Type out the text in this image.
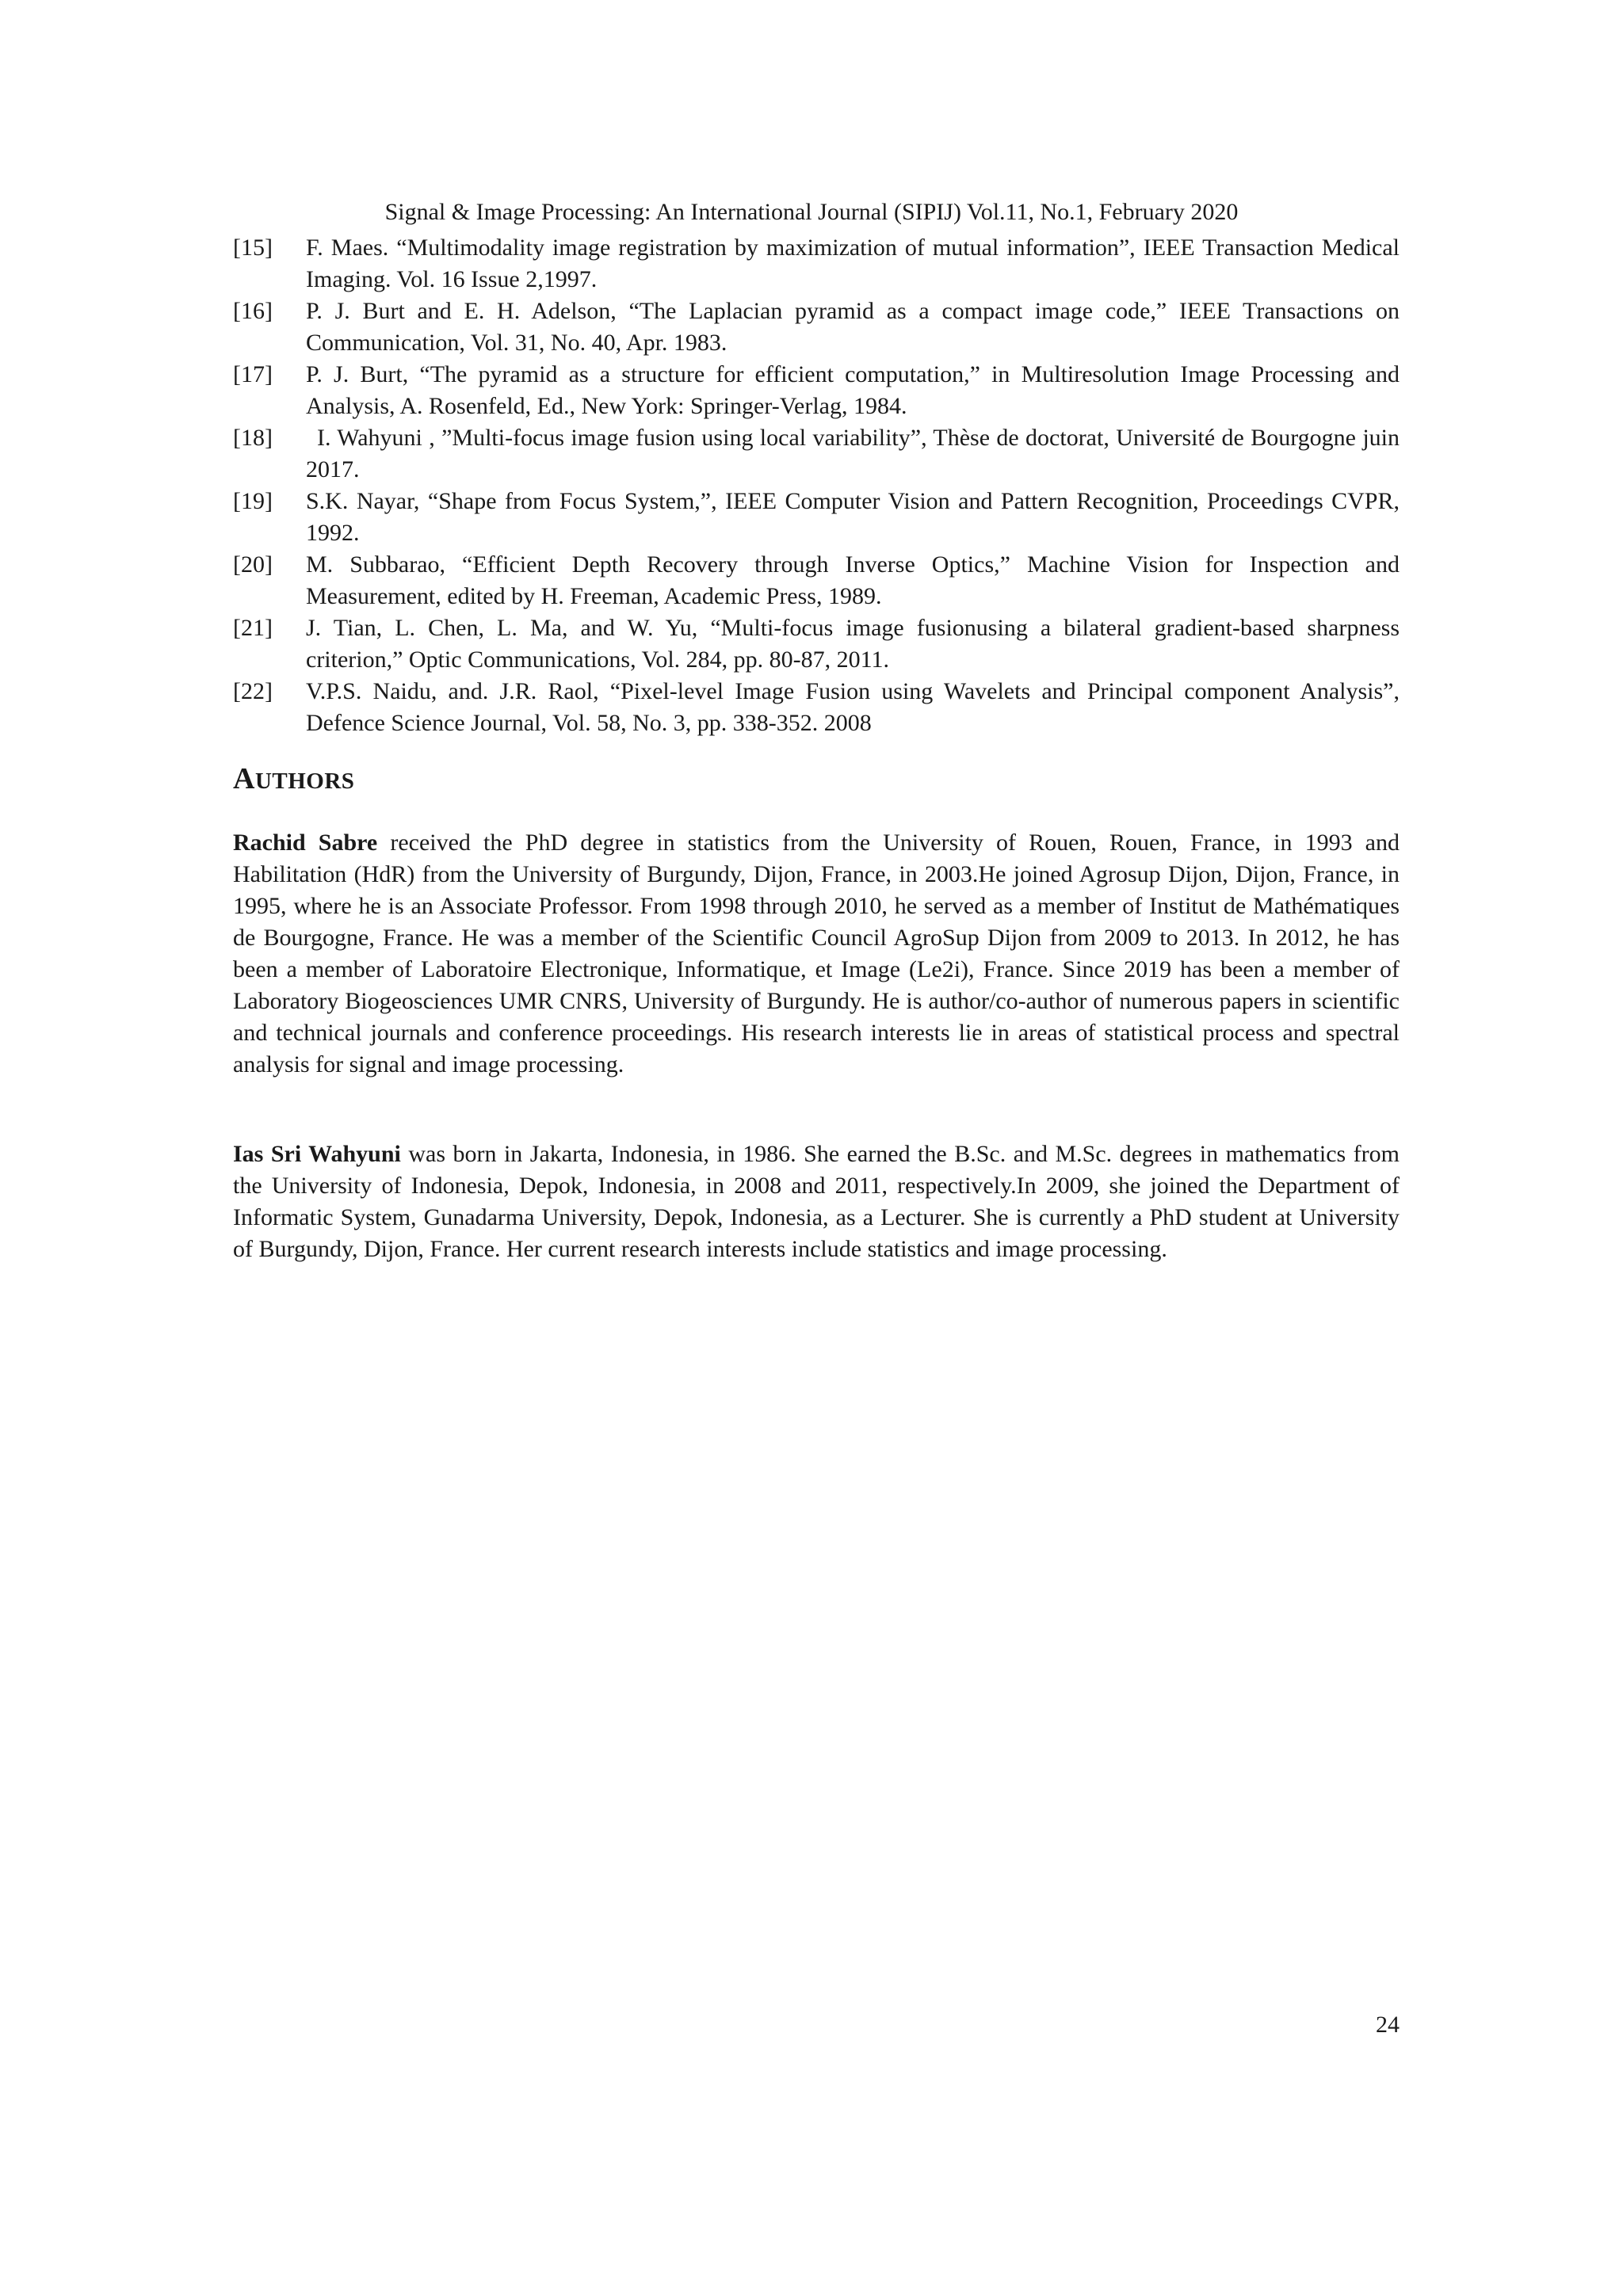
Signal & Image Processing: An International Journal (SIPIJ) Vol.11, No.1, February 2020
[15]	F. Maes. “Multimodality image registration by maximization of mutual information”, IEEE Transaction Medical Imaging. Vol. 16 Issue 2,1997.
[16]	P. J. Burt and E. H. Adelson, “The Laplacian pyramid as a compact image code,” IEEE Transactions on Communication, Vol. 31, No. 40, Apr. 1983.
[17]	P. J. Burt, “The pyramid as a structure for efficient computation,” in Multiresolution Image Processing and Analysis, A. Rosenfeld, Ed., New York: Springer-Verlag, 1984.
[18]	I. Wahyuni , ”Multi-focus image fusion using local variability”, Thèse de doctorat, Université de Bourgogne juin 2017.
[19]	S.K. Nayar, “Shape from Focus System,”, IEEE Computer Vision and Pattern Recognition, Proceedings CVPR, 1992.
[20]	M. Subbarao, “Efficient Depth Recovery through Inverse Optics,” Machine Vision for Inspection and Measurement, edited by H. Freeman, Academic Press, 1989.
[21]	J. Tian, L. Chen, L. Ma, and W. Yu, “Multi-focus image fusionusing a bilateral gradient-based sharpness criterion,” Optic Communications, Vol. 284, pp. 80-87, 2011.
[22]	V.P.S. Naidu, and. J.R. Raol, “Pixel-level Image Fusion using Wavelets and Principal component Analysis”, Defence Science Journal, Vol. 58, No. 3, pp. 338-352. 2008
AUTHORS

Rachid Sabre received the PhD degree in statistics from the University of Rouen, Rouen, France, in 1993 and Habilitation (HdR) from the University of Burgundy, Dijon, France, in 2003.He joined Agrosup Dijon, Dijon, France, in 1995, where he is an Associate Professor. From 1998 through 2010, he served as a member of Institut de Mathématiques de Bourgogne, France. He was a member of the Scientific Council AgroSup Dijon from 2009 to 2013. In 2012, he has been a member of Laboratoire Electronique, Informatique, et Image (Le2i), France. Since 2019 has been a member of Laboratory Biogeosciences UMR CNRS, University of Burgundy. He is author/co-author of numerous papers in scientific and technical journals and conference proceedings. His research interests lie in areas of statistical process and spectral analysis for signal and image processing.

Ias Sri Wahyuni was born in Jakarta, Indonesia, in 1986. She earned the B.Sc. and M.Sc. degrees in mathematics from the University of Indonesia, Depok, Indonesia, in 2008 and 2011, respectively.In 2009, she joined the Department of Informatic System, Gunadarma University, Depok, Indonesia, as a Lecturer. She is currently a PhD student at University of Burgundy, Dijon, France. Her current research interests include statistics and image processing.

24
